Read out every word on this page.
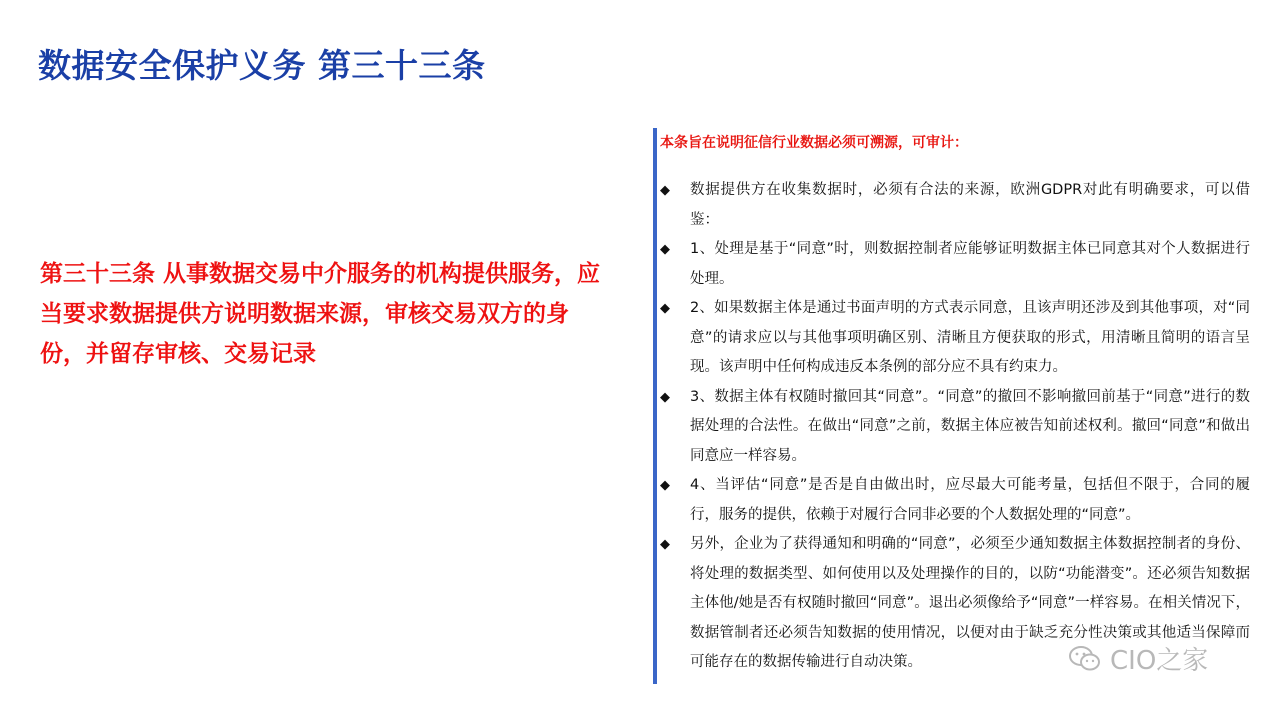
数据安全保护义务 第三十三条
第三十三条 从事数据交易中介服务的机构提供服务，应当要求数据提供方说明数据来源，审核交易双方的身份，并留存审核、交易记录
本条旨在说明征信行业数据必须可溯源，可审计：
◆	数据提供方在收集数据时，必须有合法的来源，欧洲GDPR对此有明确要求，可以借鉴：
◆	1、处理是基于“同意”时，则数据控制者应能够证明数据主体已同意其对个人数据进行处理。
◆	2、如果数据主体是通过书面声明的方式表示同意，且该声明还涉及到其他事项，对“同意”的请求应以与其他事项明确区别、清晰且方便获取的形式，用清晰且简明的语言呈现。该声明中任何构成违反本条例的部分应不具有约束力。
◆	3、数据主体有权随时撤回其“同意”。“同意”的撤回不影响撤回前基于“同意”进行的数据处理的合法性。在做出“同意”之前，数据主体应被告知前述权利。撤回“同意”和做出同意应一样容易。
◆	4、当评估“同意”是否是自由做出时，应尽最大可能考量，包括但不限于，合同的履行，服务的提供，依赖于对履行合同非必要的个人数据处理的“同意”。
◆	另外，企业为了获得通知和明确的“同意”，必须至少通知数据主体数据控制者的身份、将处理的数据类型、如何使用以及处理操作的目的，以防“功能潜变”。还必须告知数据主体他/她是否有权随时撤回“同意”。退出必须像给予“同意”一样容易。在相关情况下，数据管制者还必须告知数据的使用情况，以便对由于缺乏充分性决策或其他适当保障而可能存在的数据传输进行自动决策。	CIO之家
